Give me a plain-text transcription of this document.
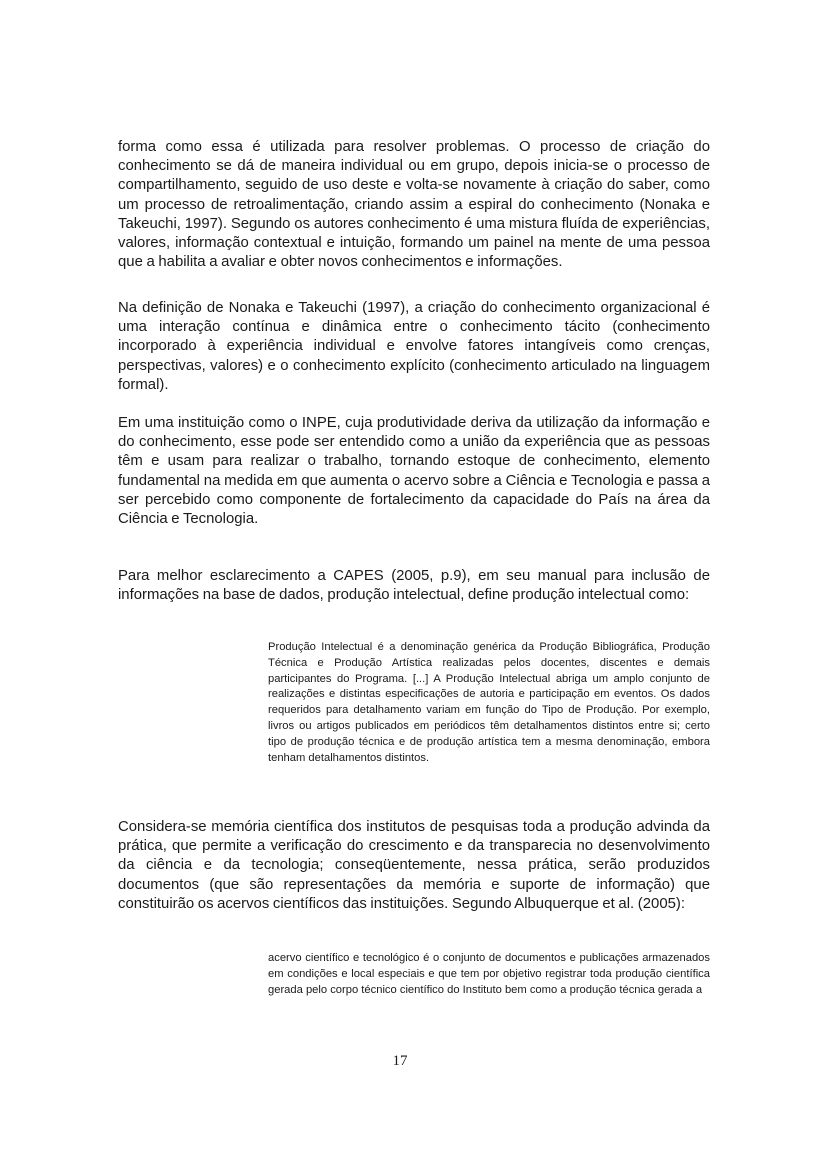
forma como essa é utilizada para resolver problemas. O processo de criação do conhecimento se dá de maneira individual ou em grupo, depois inicia-se o processo de compartilhamento, seguido de uso deste e volta-se novamente à criação do saber, como um processo de retroalimentação, criando assim a espiral do conhecimento (Nonaka e Takeuchi, 1997). Segundo os autores conhecimento é uma mistura fluída de experiências, valores, informação contextual e intuição, formando um painel na mente de uma pessoa que a habilita a avaliar e obter novos conhecimentos e informações.

Na definição de Nonaka e Takeuchi (1997), a criação do conhecimento organizacional é uma interação contínua e dinâmica entre o conhecimento tácito (conhecimento incorporado à experiência individual e envolve fatores intangíveis como crenças, perspectivas, valores) e o conhecimento explícito (conhecimento articulado na linguagem formal).

Em uma instituição como o INPE, cuja produtividade deriva da utilização da informação e do conhecimento, esse pode ser entendido como a união da experiência que as pessoas têm e usam para realizar o trabalho, tornando estoque de conhecimento, elemento fundamental na medida em que aumenta o acervo sobre a Ciência e Tecnologia e passa a ser percebido como componente de fortalecimento da capacidade do País na área da Ciência e Tecnologia.

Para melhor esclarecimento a CAPES (2005, p.9), em seu manual para inclusão de informações na base de dados, produção intelectual, define produção intelectual como:

Produção Intelectual é a denominação genérica da Produção Bibliográfica, Produção Técnica e Produção Artística realizadas pelos docentes, discentes e demais participantes do Programa. [...] A Produção Intelectual abriga um amplo conjunto de realizações e distintas especificações de autoria e participação em eventos. Os dados requeridos para detalhamento variam em função do Tipo de Produção. Por exemplo, livros ou artigos publicados em periódicos têm detalhamentos distintos entre si; certo tipo de produção técnica e de produção artística tem a mesma denominação, embora tenham detalhamentos distintos.

Considera-se memória científica dos institutos de pesquisas toda a produção advinda da prática, que permite a verificação do crescimento e da transparecia no desenvolvimento da ciência e da tecnologia; conseqüentemente, nessa prática, serão produzidos documentos (que são representações da memória e suporte de informação) que constituirão os acervos científicos das instituições. Segundo Albuquerque et al. (2005):

acervo científico e tecnológico é o conjunto de documentos e publicações armazenados em condições e local especiais e que tem por objetivo registrar toda produção científica gerada pelo corpo técnico científico do Instituto bem como a produção técnica gerada a

17
